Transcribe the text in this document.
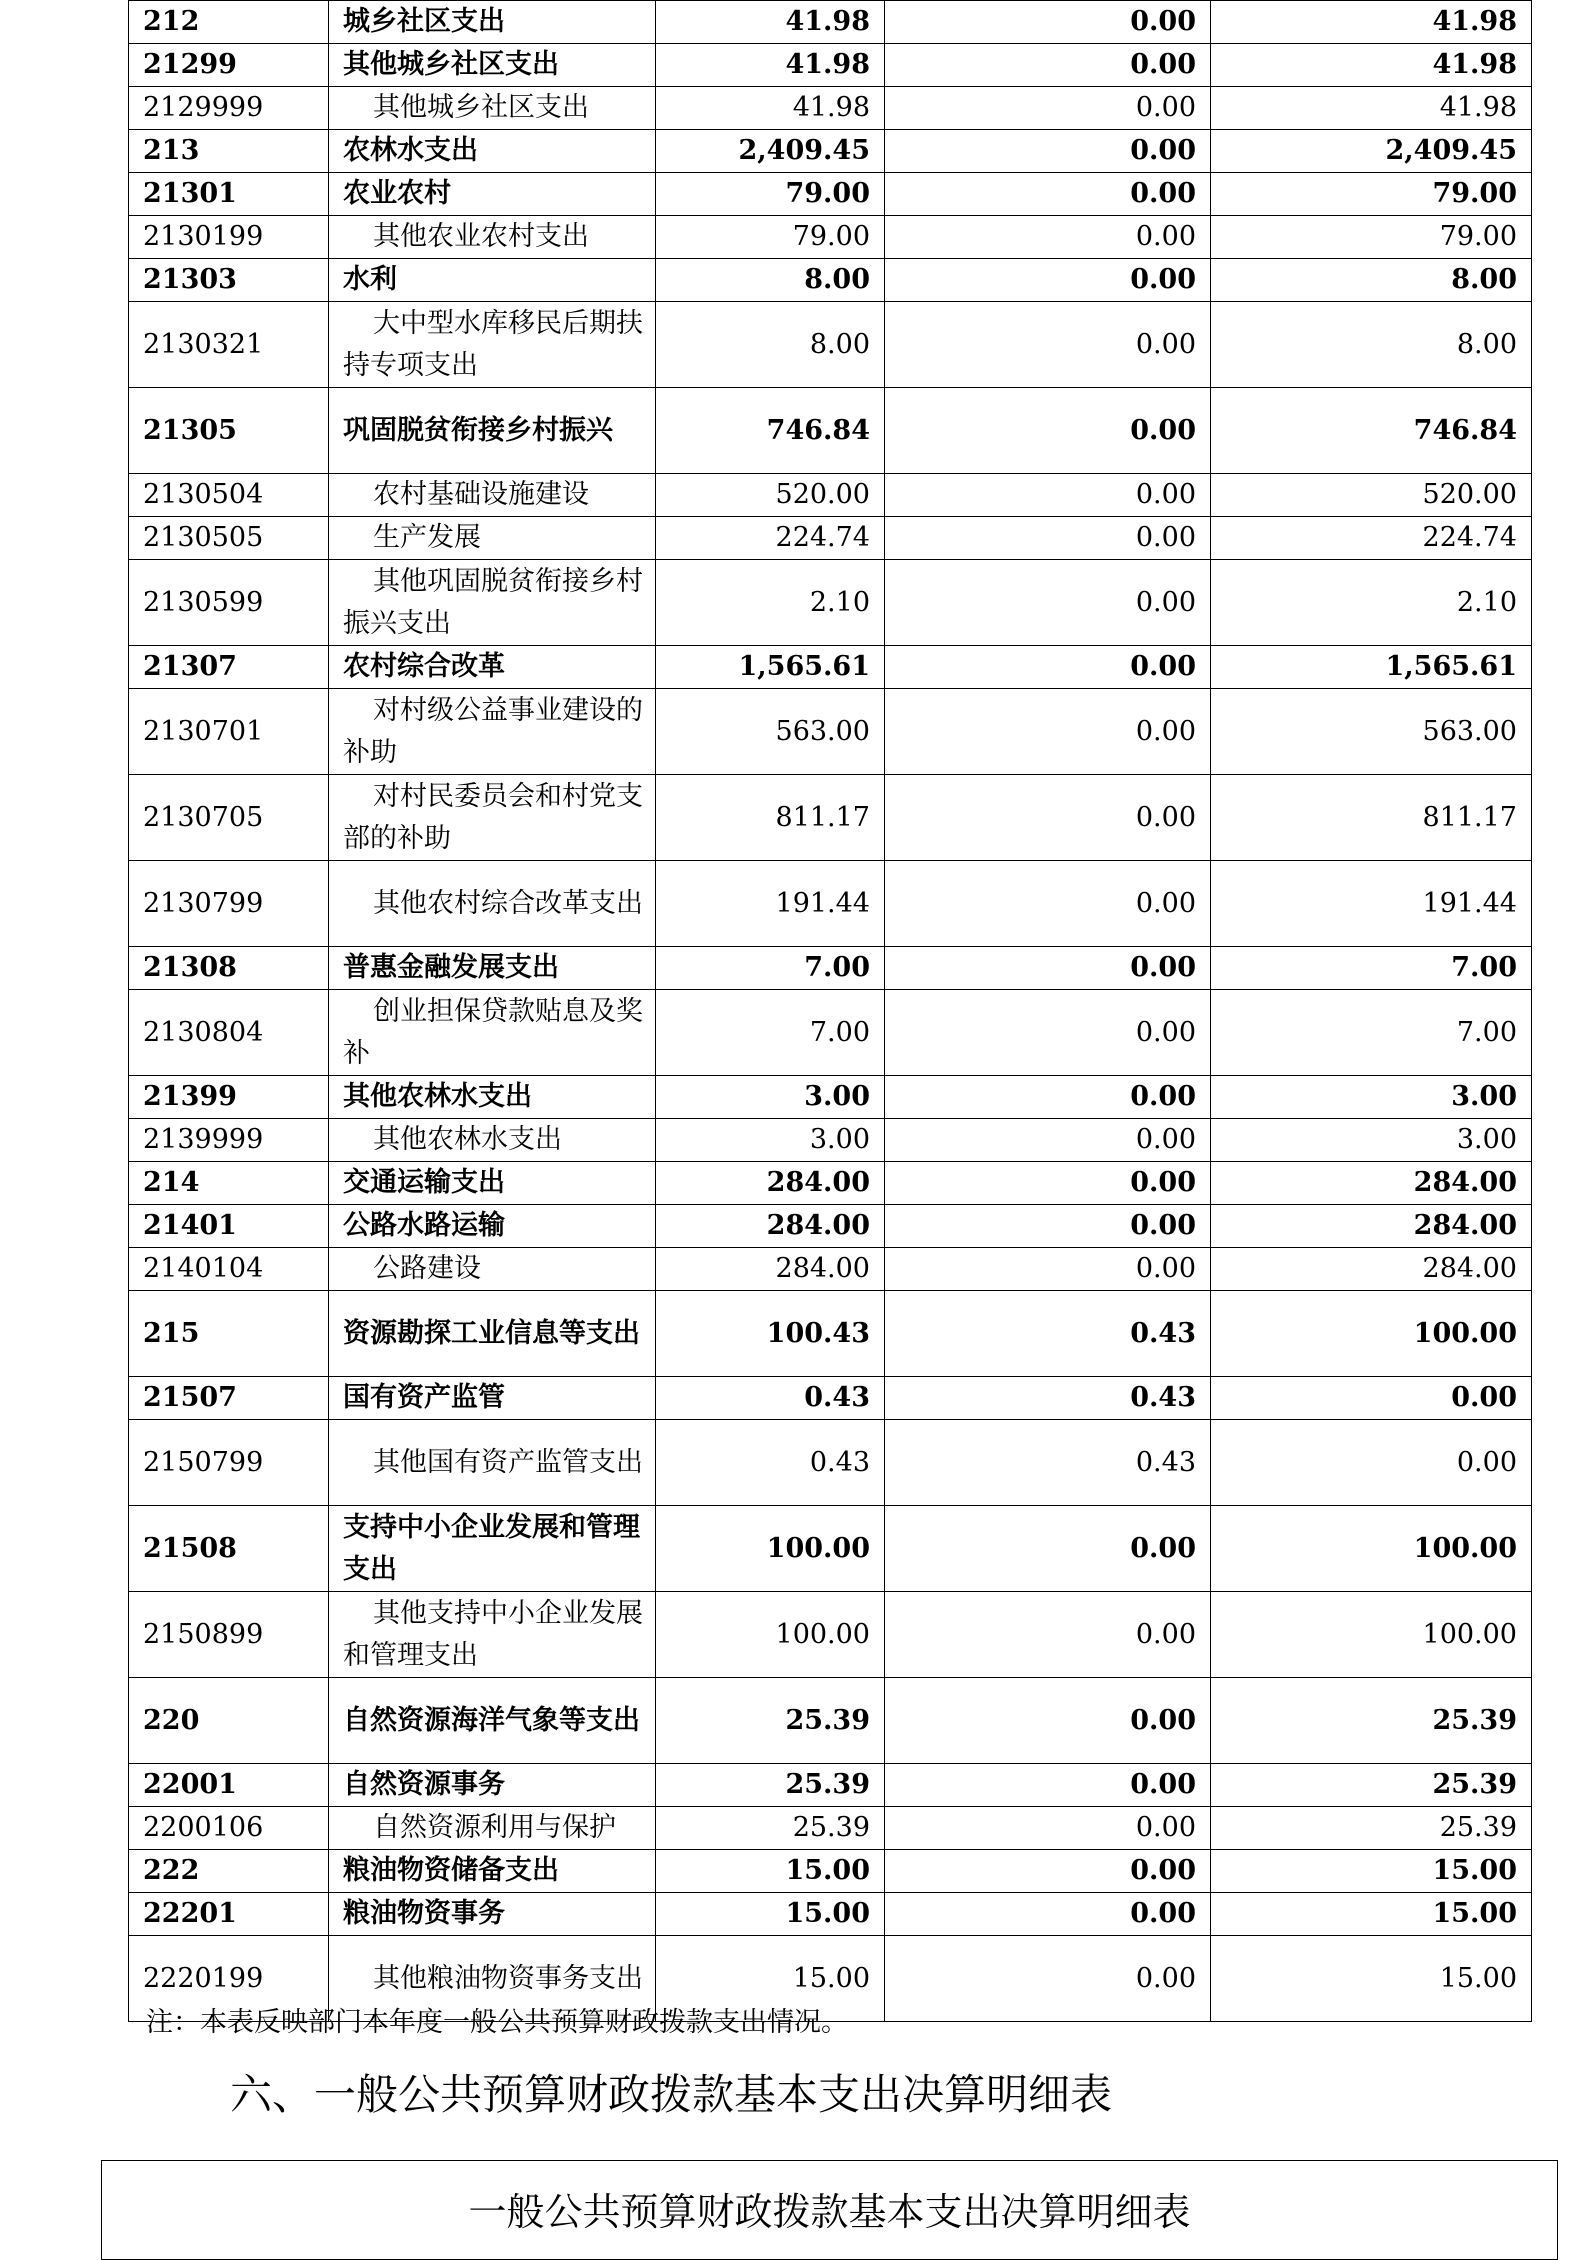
212	城乡社区支出	41.98	0.00	41.98
21299	其他城乡社区支出	41.98	0.00	41.98
2129999	其他城乡社区支出	41.98	0.00	41.98
213	农林水支出	2,409.45	0.00	2,409.45
21301	农业农村	79.00	0.00	79.00
2130199	其他农业农村支出	79.00	0.00	79.00
21303	水利	8.00	0.00	8.00
2130321	大中型水库移民后期扶持专项支出	8.00	0.00	8.00
21305	巩固脱贫衔接乡村振兴	746.84	0.00	746.84
2130504	农村基础设施建设	520.00	0.00	520.00
2130505	生产发展	224.74	0.00	224.74
2130599	其他巩固脱贫衔接乡村振兴支出	2.10	0.00	2.10
21307	农村综合改革	1,565.61	0.00	1,565.61
2130701	对村级公益事业建设的补助	563.00	0.00	563.00
2130705	对村民委员会和村党支部的补助	811.17	0.00	811.17
2130799	其他农村综合改革支出	191.44	0.00	191.44
21308	普惠金融发展支出	7.00	0.00	7.00
2130804	创业担保贷款贴息及奖补	7.00	0.00	7.00
21399	其他农林水支出	3.00	0.00	3.00
2139999	其他农林水支出	3.00	0.00	3.00
214	交通运输支出	284.00	0.00	284.00
21401	公路水路运输	284.00	0.00	284.00
2140104	公路建设	284.00	0.00	284.00
215	资源勘探工业信息等支出	100.43	0.43	100.00
21507	国有资产监管	0.43	0.43	0.00
2150799	其他国有资产监管支出	0.43	0.43	0.00
21508	支持中小企业发展和管理支出	100.00	0.00	100.00
2150899	其他支持中小企业发展和管理支出	100.00	0.00	100.00
220	自然资源海洋气象等支出	25.39	0.00	25.39
22001	自然资源事务	25.39	0.00	25.39
2200106	自然资源利用与保护	25.39	0.00	25.39
222	粮油物资储备支出	15.00	0.00	15.00
22201	粮油物资事务	15.00	0.00	15.00
2220199	其他粮油物资事务支出	15.00	0.00	15.00
注：本表反映部门本年度一般公共预算财政拨款支出情况。
六、一般公共预算财政拨款基本支出决算明细表
一般公共预算财政拨款基本支出决算明细表
